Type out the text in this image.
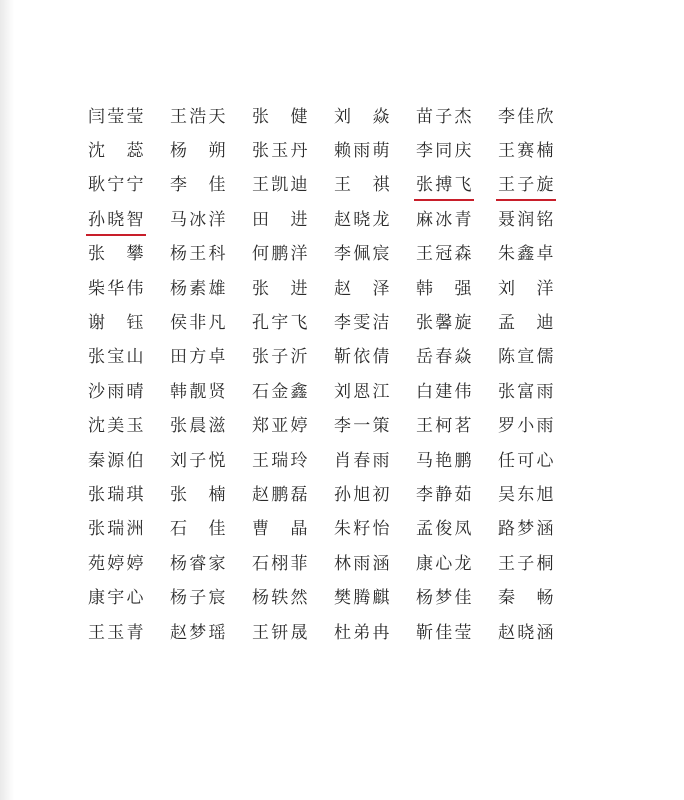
闫莹莹 王浩天 张健 刘焱 苗子杰 李佳欣
沈蕊 杨朔 张玉丹 赖雨萌 李同庆 王赛楠
耿宁宁 李佳 王凯迪 王祺 张搏飞 王子旋
孙晓智 马冰洋 田进 赵晓龙 麻冰青 聂润铭
张攀 杨王科 何鹏洋 李佩宸 王冠森 朱鑫卓
柴华伟 杨素雄 张进 赵泽 韩强 刘洋
谢钰 侯非凡 孔宇飞 李雯洁 张馨旋 孟迪
张宝山 田方卓 张子沂 靳依倩 岳春焱 陈宣儒
沙雨晴 韩靓贤 石金鑫 刘恩江 白建伟 张富雨
沈美玉 张晨滋 郑亚婷 李一策 王柯茗 罗小雨
秦源伯 刘子悦 王瑞玲 肖春雨 马艳鹏 任可心
张瑞琪 张楠 赵鹏磊 孙旭初 李静茹 吴东旭
张瑞洲 石佳 曹晶 朱籽怡 孟俊凤 路梦涵
苑婷婷 杨睿家 石栩菲 林雨涵 康心龙 王子桐
康宇心 杨子宸 杨轶然 樊腾麒 杨梦佳 秦畅
王玉青 赵梦瑶 王钘晟 杜弟冉 靳佳莹 赵晓涵
